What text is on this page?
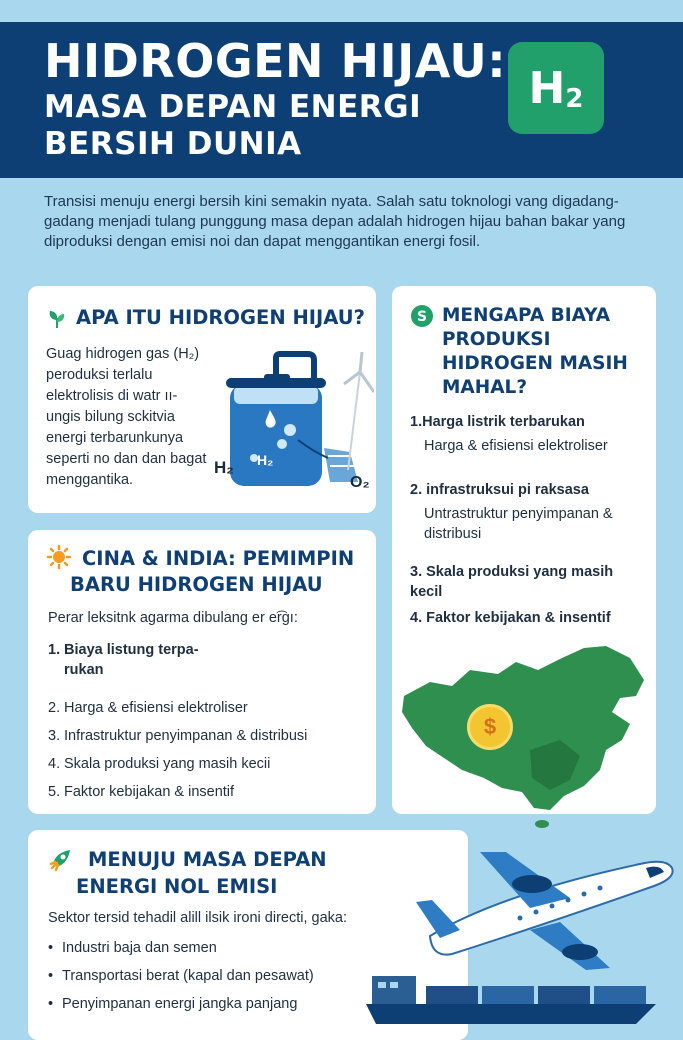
HIDROGEN HIJAU:
MASA DEPAN ENERGI
BERSIH DUNIA
H 2

Transisi menuju energi bersih kini semakin nyata. Salah satu toknologi vang digadang-gadang menjadi tulang punggung masa depan adalah hidrogen hijau bahan bakar yang diproduksi dengan emisi noi dan dapat menggantikan energi fosil.

APA ITU HIDROGEN HIJAU?

Guag hidrogen gas (H₂) peroduksi terlalu elektrolisis di watr ıı- ungis bilung sckitvia energi terbarunkunya seperti no dan dan bagat menggantika.

H₂ H₂
O₂
S MENGAPA BIAYA PRODUKSI HIDROGEN MASIH MAHAL?
1.Harga listrik terbarukan
Harga & efisiensi elektroliser
2. infrastruksui pi raksasa
Untrastruktur penyimpanan & distribusi
3. Skala produksi yang masih kecil
4. Faktor kebijakan & insentif
$
CINA & INDIA: PEMIMPIN
BARU HIDROGEN HIJAU

Perar leksitnk agarma dibulang er er͡ɡı:

1. Biaya listung terpa- rukan
2. Harga & efisiensi elektroliser
3. Infrastruktur penyimpanan & distribusi
4. Skala produksi yang masih kecii
5. Faktor kebijakan & insentif
MENUJU MASA DEPAN
ENERGI NOL EMISI

Sektor tersid tehadil alill ilsik ironi directi, gaka:

• Industri baja dan semen
• Transportasi berat (kapal dan pesawat)
• Penyimpanan energi jangka panjang
